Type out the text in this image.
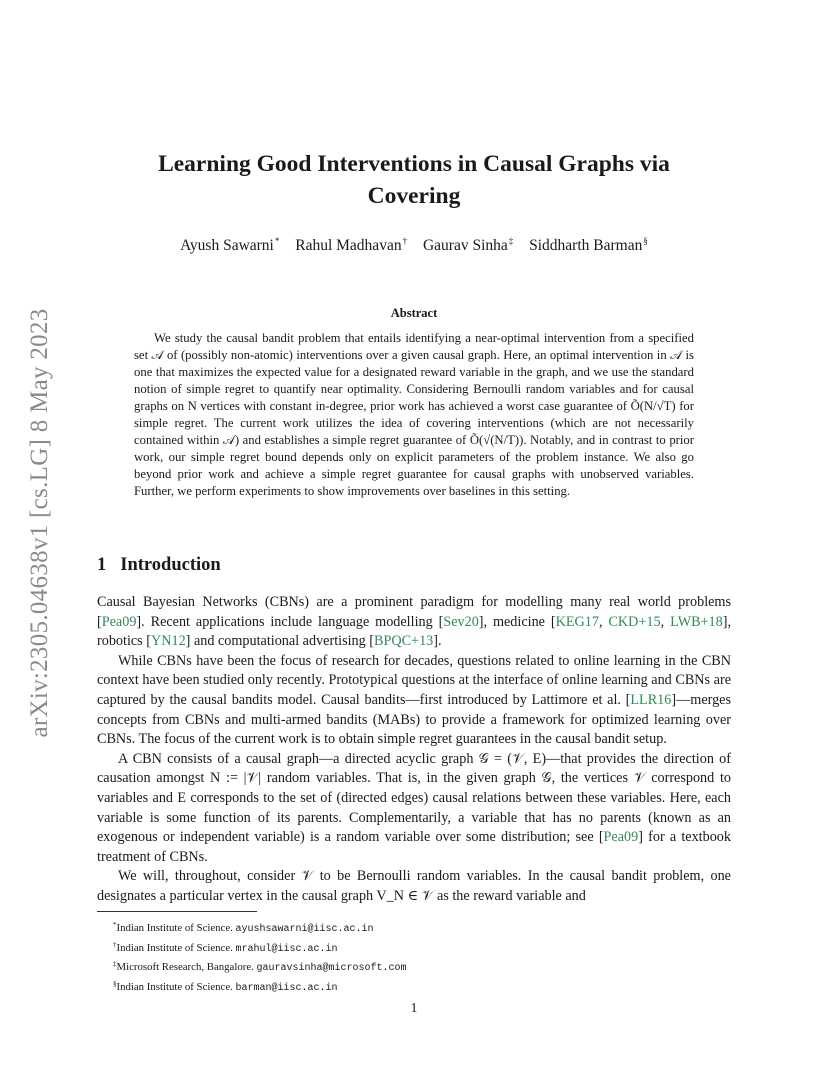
arXiv:2305.04638v1 [cs.LG] 8 May 2023
Learning Good Interventions in Causal Graphs via Covering
Ayush Sawarni* Rahul Madhavan† Gaurav Sinha‡ Siddharth Barman§
Abstract

We study the causal bandit problem that entails identifying a near-optimal intervention from a specified set 𝒜 of (possibly non-atomic) interventions over a given causal graph. Here, an optimal intervention in 𝒜 is one that maximizes the expected value for a designated reward variable in the graph, and we use the standard notion of simple regret to quantify near optimality. Considering Bernoulli random variables and for causal graphs on N vertices with constant in-degree, prior work has achieved a worst case guarantee of Õ(N/√T) for simple regret. The current work utilizes the idea of covering interventions (which are not necessarily contained within 𝒜) and establishes a simple regret guarantee of Õ(√(N/T)). Notably, and in contrast to prior work, our simple regret bound depends only on explicit parameters of the problem instance. We also go beyond prior work and achieve a simple regret guarantee for causal graphs with unobserved variables. Further, we perform experiments to show improvements over baselines in this setting.

1 Introduction

Causal Bayesian Networks (CBNs) are a prominent paradigm for modelling many real world problems [Pea09]. Recent applications include language modelling [Sev20], medicine [KEG17, CKD+15, LWB+18], robotics [YN12] and computational advertising [BPQC+13].

While CBNs have been the focus of research for decades, questions related to online learning in the CBN context have been studied only recently. Prototypical questions at the interface of online learning and CBNs are captured by the causal bandits model. Causal bandits—first introduced by Lattimore et al. [LLR16]—merges concepts from CBNs and multi-armed bandits (MABs) to provide a framework for optimized learning over CBNs. The focus of the current work is to obtain simple regret guarantees in the causal bandit setup.

A CBN consists of a causal graph—a directed acyclic graph 𝒢 = (𝒱, E)—that provides the direction of causation amongst N := |𝒱| random variables. That is, in the given graph 𝒢, the vertices 𝒱 correspond to variables and E corresponds to the set of (directed edges) causal relations between these variables. Here, each variable is some function of its parents. Complementarily, a variable that has no parents (known as an exogenous or independent variable) is a random variable over some distribution; see [Pea09] for a textbook treatment of CBNs.

We will, throughout, consider 𝒱 to be Bernoulli random variables. In the causal bandit problem, one designates a particular vertex in the causal graph V_N ∈ 𝒱 as the reward variable and

*Indian Institute of Science. ayushsawarni@iisc.ac.in
†Indian Institute of Science. mrahul@iisc.ac.in
‡Microsoft Research, Bangalore. gauravsinha@microsoft.com
§Indian Institute of Science. barman@iisc.ac.in
1
